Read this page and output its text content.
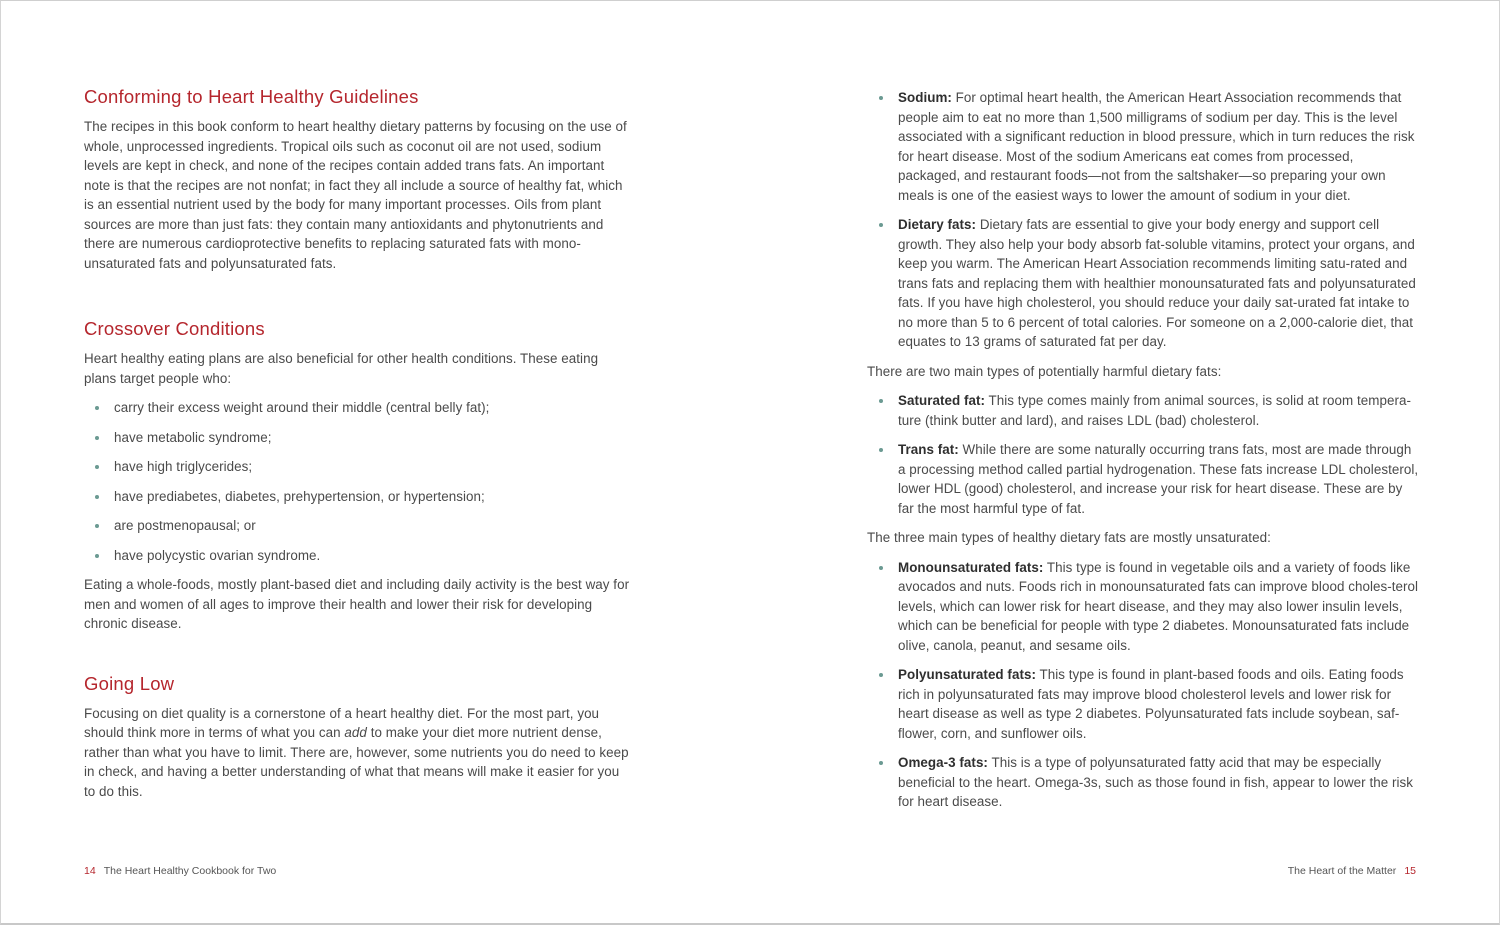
Conforming to Heart Healthy Guidelines

The recipes in this book conform to heart healthy dietary patterns by focusing on the use of whole, unprocessed ingredients. Tropical oils such as coconut oil are not used, sodium levels are kept in check, and none of the recipes contain added trans fats. An important note is that the recipes are not nonfat; in fact they all include a source of healthy fat, which is an essential nutrient used by the body for many important processes. Oils from plant sources are more than just fats: they contain many antioxidants and phytonutrients and there are numerous cardioprotective benefits to replacing saturated fats with mono-unsaturated fats and polyunsaturated fats.

Crossover Conditions

Heart healthy eating plans are also beneficial for other health conditions. These eating plans target people who:

carry their excess weight around their middle (central belly fat);
have metabolic syndrome;
have high triglycerides;
have prediabetes, diabetes, prehypertension, or hypertension;
are postmenopausal; or
have polycystic ovarian syndrome.

Eating a whole-foods, mostly plant-based diet and including daily activity is the best way for men and women of all ages to improve their health and lower their risk for developing chronic disease.

Going Low

Focusing on diet quality is a cornerstone of a heart healthy diet. For the most part, you should think more in terms of what you can add to make your diet more nutrient dense, rather than what you have to limit. There are, however, some nutrients you do need to keep in check, and having a better understanding of what that means will make it easier for you to do this.

14 The Heart Healthy Cookbook for Two
Sodium: For optimal heart health, the American Heart Association recommends that people aim to eat no more than 1,500 milligrams of sodium per day. This is the level associated with a significant reduction in blood pressure, which in turn reduces the risk for heart disease. Most of the sodium Americans eat comes from processed, packaged, and restaurant foods—not from the saltshaker—so preparing your own meals is one of the easiest ways to lower the amount of sodium in your diet.
Dietary fats: Dietary fats are essential to give your body energy and support cell growth. They also help your body absorb fat-soluble vitamins, protect your organs, and keep you warm. The American Heart Association recommends limiting satu-rated and trans fats and replacing them with healthier monounsaturated fats and polyunsaturated fats. If you have high cholesterol, you should reduce your daily sat-urated fat intake to no more than 5 to 6 percent of total calories. For someone on a 2,000-calorie diet, that equates to 13 grams of saturated fat per day.

There are two main types of potentially harmful dietary fats:

Saturated fat: This type comes mainly from animal sources, is solid at room tempera-ture (think butter and lard), and raises LDL (bad) cholesterol.
Trans fat: While there are some naturally occurring trans fats, most are made through a processing method called partial hydrogenation. These fats increase LDL cholesterol, lower HDL (good) cholesterol, and increase your risk for heart disease. These are by far the most harmful type of fat.

The three main types of healthy dietary fats are mostly unsaturated:

Monounsaturated fats: This type is found in vegetable oils and a variety of foods like avocados and nuts. Foods rich in monounsaturated fats can improve blood choles-terol levels, which can lower risk for heart disease, and they may also lower insulin levels, which can be beneficial for people with type 2 diabetes. Monounsaturated fats include olive, canola, peanut, and sesame oils.
Polyunsaturated fats: This type is found in plant-based foods and oils. Eating foods rich in polyunsaturated fats may improve blood cholesterol levels and lower risk for heart disease as well as type 2 diabetes. Polyunsaturated fats include soybean, saf-flower, corn, and sunflower oils.
Omega-3 fats: This is a type of polyunsaturated fatty acid that may be especially beneficial to the heart. Omega-3s, such as those found in fish, appear to lower the risk for heart disease.
The Heart of the Matter 15
